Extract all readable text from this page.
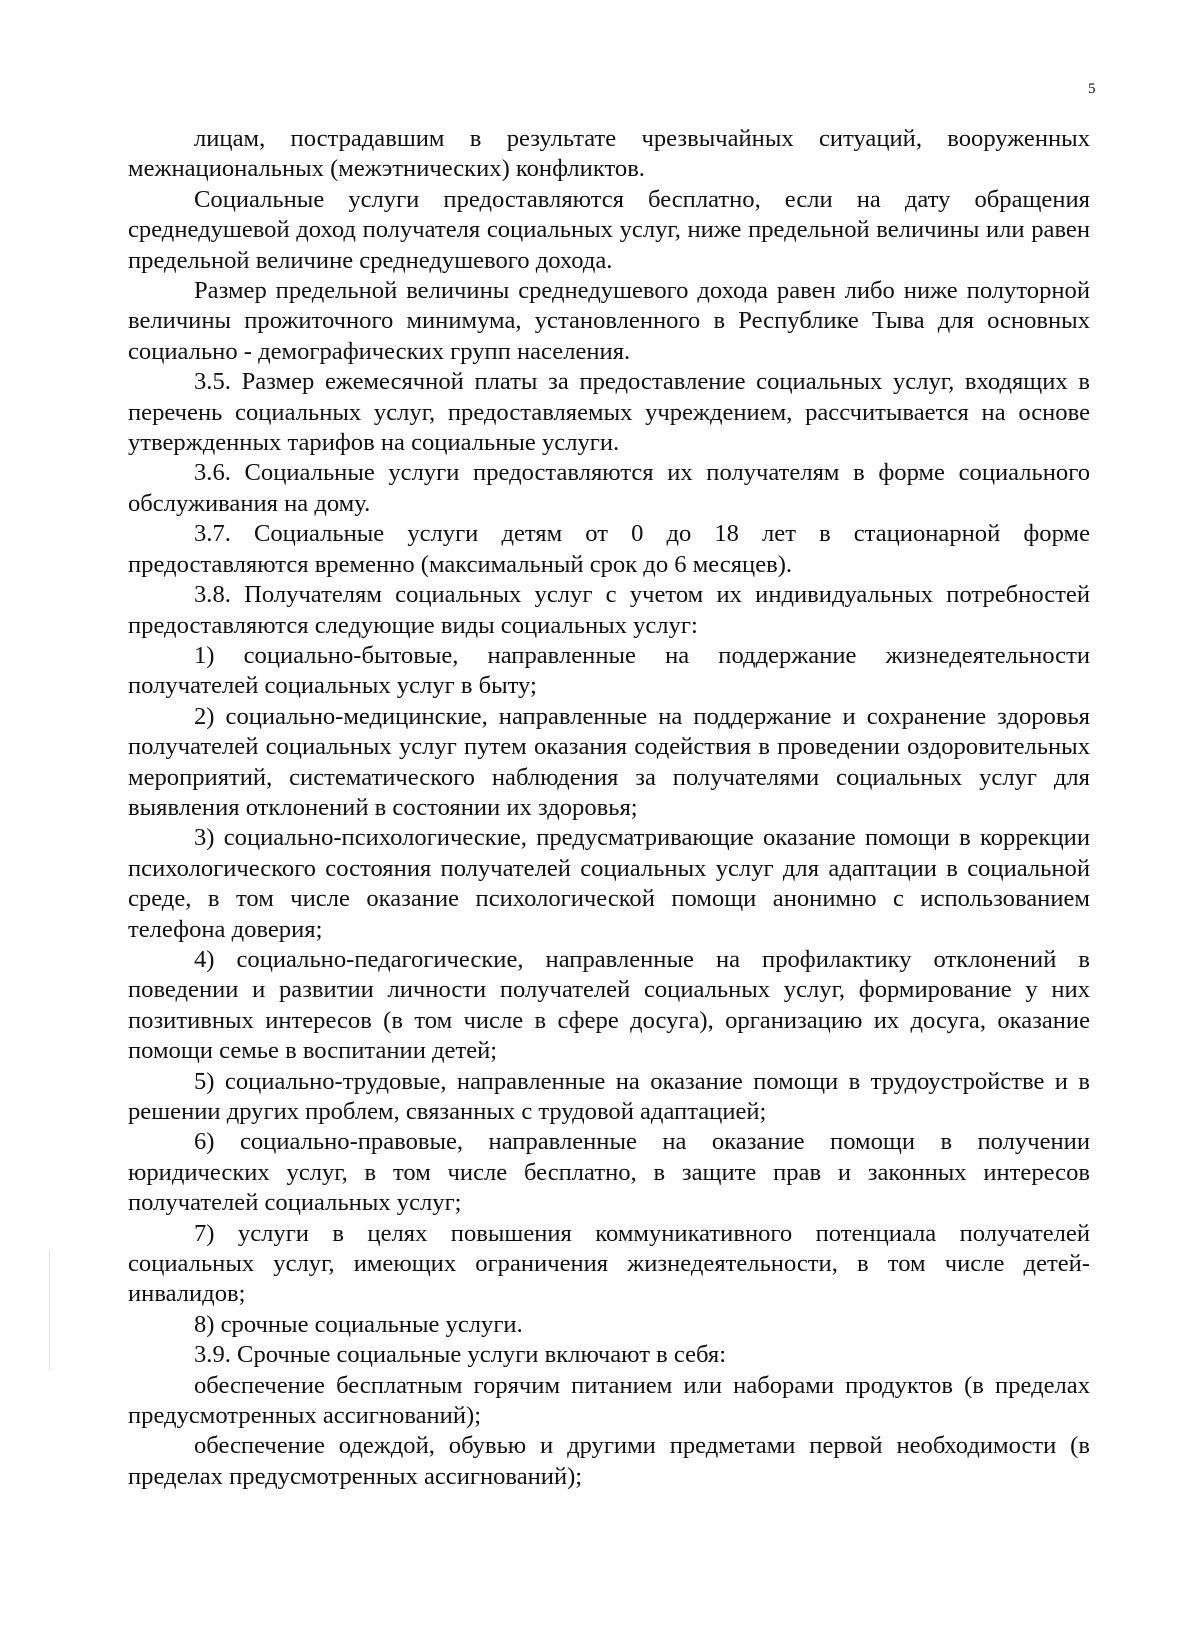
5

лицам, пострадавшим в результате чрезвычайных ситуаций, вооруженных межнациональных (межэтнических) конфликтов.

Социальные услуги предоставляются бесплатно, если на дату обращения среднедушевой доход получателя социальных услуг, ниже предельной величины или равен предельной величине среднедушевого дохода.

Размер предельной величины среднедушевого дохода равен либо ниже полуторной величины прожиточного минимума, установленного в Республике Тыва для основных социально - демографических групп населения.

3.5. Размер ежемесячной платы за предоставление социальных услуг, входящих в перечень социальных услуг, предоставляемых учреждением, рассчитывается на основе утвержденных тарифов на социальные услуги.

3.6. Социальные услуги предоставляются их получателям в форме социального обслуживания на дому.

3.7. Социальные услуги детям от 0 до 18 лет в стационарной форме предоставляются временно (максимальный срок до 6 месяцев).

3.8. Получателям социальных услуг с учетом их индивидуальных потребностей предоставляются следующие виды социальных услуг:

1) социально-бытовые, направленные на поддержание жизнедеятельности получателей социальных услуг в быту;

2) социально-медицинские, направленные на поддержание и сохранение здоровья получателей социальных услуг путем оказания содействия в проведении оздоровительных мероприятий, систематического наблюдения за получателями социальных услуг для выявления отклонений в состоянии их здоровья;

3) социально-психологические, предусматривающие оказание помощи в коррекции психологического состояния получателей социальных услуг для адаптации в социальной среде, в том числе оказание психологической помощи анонимно с использованием телефона доверия;

4) социально-педагогические, направленные на профилактику отклонений в поведении и развитии личности получателей социальных услуг, формирование у них позитивных интересов (в том числе в сфере досуга), организацию их досуга, оказание помощи семье в воспитании детей;

5) социально-трудовые, направленные на оказание помощи в трудоустройстве и в решении других проблем, связанных с трудовой адаптацией;

6) социально-правовые, направленные на оказание помощи в получении юридических услуг, в том числе бесплатно, в защите прав и законных интересов получателей социальных услуг;

7) услуги в целях повышения коммуникативного потенциала получателей социальных услуг, имеющих ограничения жизнедеятельности, в том числе детей-инвалидов;

8) срочные социальные услуги.

3.9. Срочные социальные услуги включают в себя:

обеспечение бесплатным горячим питанием или наборами продуктов (в пределах предусмотренных ассигнований);

обеспечение одеждой, обувью и другими предметами первой необходимости (в пределах предусмотренных ассигнований);
